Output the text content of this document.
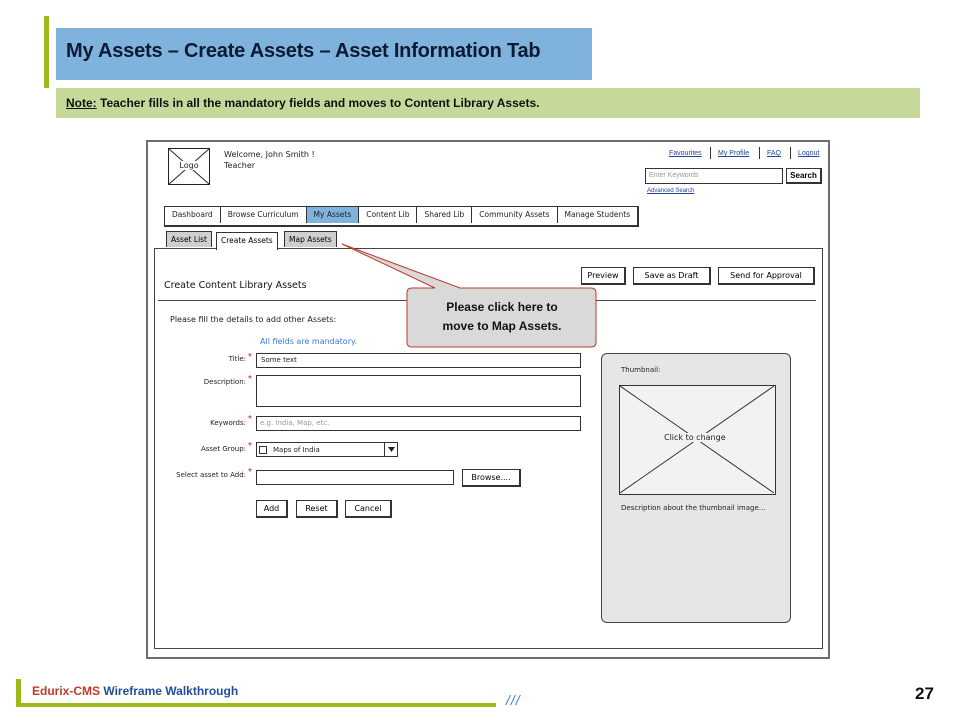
My Assets – Create Assets – Asset Information Tab
Note: Teacher fills in all the mandatory fields and moves to Content Library Assets.
Logo
Welcome, John Smith !
Teacher
Favourites My Profile	FAQ Logout
Enter Keywords	Search
Advanced Search
Dashboard	Browse Curriculum	My Assets	Content Lib	Shared Lib	Community Assets	Manage Students
Asset List	Create Assets	Map Assets
Create Content Library Assets
Preview	Save as Draft	Send for Approval
Please fill the details to add other Assets:
All fields are mandatory.
Title: * Some text
Description: *
Keywords: * e.g. India, Map, etc.
Asset Group: *	Maps of India
Select asset to Add: *	Browse....
Add	Reset	Cancel
Thumbnail:
Click to change
Description about the thumbnail image...
Please click here to
move to Map Assets.
Edurix-CMS Wireframe Walkthrough
///	27
